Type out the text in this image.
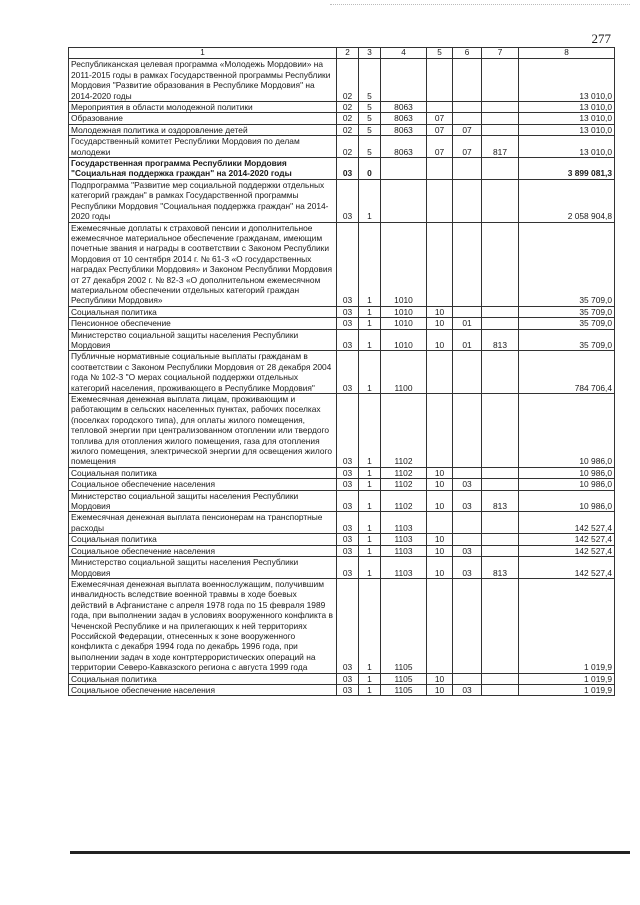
277
1	2	3	4	5	6	7	8
Республиканская целевая программа «Молодежь Мордовии» на 2011-2015 годы в рамках Государственной программы Республики Мордовия "Развитие образования в Республике Мордовия" на 2014-2020 годы	02	5					13 010,0
Мероприятия в области молодежной политики	02	5	8063				13 010,0
Образование	02	5	8063	07			13 010,0
Молодежная политика и оздоровление детей	02	5	8063	07	07		13 010,0
Государственный комитет Республики Мордовия по делам молодежи	02	5	8063	07	07	817	13 010,0
Государственная программа Республики Мордовия "Социальная поддержка граждан" на 2014-2020 годы	03	0					3 899 081,3
Подпрограмма "Развитие мер социальной поддержки отдельных категорий граждан" в рамках Государственной программы Республики Мордовия "Социальная поддержка граждан" на 2014-2020 годы	03	1					2 058 904,8
Ежемесячные доплаты к страховой пенсии и дополнительное ежемесячное материальное обеспечение гражданам, имеющим почетные звания и награды в соответствии с Законом Республики Мордовия от 10 сентября 2014 г. № 61-З «О государственных наградах Республики Мордовия» и Законом Республики Мордовия от 27 декабря 2002 г. № 82-З «О дополнительном ежемесячном материальном обеспечении отдельных категорий граждан Республики Мордовия»	03	1	1010				35 709,0
Социальная политика	03	1	1010	10			35 709,0
Пенсионное обеспечение	03	1	1010	10	01		35 709,0
Министерство социальной защиты населения Республики Мордовия	03	1	1010	10	01	813	35 709,0
Публичные нормативные социальные выплаты гражданам в соответствии с Законом Республики Мордовия от 28 декабря 2004 года № 102-З "О мерах социальной поддержки отдельных категорий населения, проживающего в Республике Мордовия"	03	1	1100				784 706,4
Ежемесячная денежная выплата лицам, проживающим и работающим в сельских населенных пунктах, рабочих поселках (поселках городского типа), для оплаты жилого помещения, тепловой энергии при централизованном отоплении или твердого топлива для отопления жилого помещения, газа для отопления жилого помещения, электрической энергии для освещения жилого помещения	03	1	1102				10 986,0
Социальная политика	03	1	1102	10			10 986,0
Социальное обеспечение населения	03	1	1102	10	03		10 986,0
Министерство социальной защиты населения Республики Мордовия	03	1	1102	10	03	813	10 986,0
Ежемесячная денежная выплата пенсионерам на транспортные расходы	03	1	1103				142 527,4
Социальная политика	03	1	1103	10			142 527,4
Социальное обеспечение населения	03	1	1103	10	03		142 527,4
Министерство социальной защиты населения Республики Мордовия	03	1	1103	10	03	813	142 527,4
Ежемесячная денежная выплата военнослужащим, получившим инвалидность вследствие военной травмы в ходе боевых действий в Афганистане с апреля 1978 года по 15 февраля 1989 года, при выполнении задач в условиях вооруженного конфликта в Чеченской Республике и на прилегающих к ней территориях Российской Федерации, отнесенных к зоне вооруженного конфликта с декабря 1994 года по декабрь 1996 года, при выполнении задач в ходе контртеррористических операций на территории Северо-Кавказского региона с августа 1999 года	03	1	1105				1 019,9
Социальная политика	03	1	1105	10			1 019,9
Социальное обеспечение населения	03	1	1105	10	03		1 019,9
